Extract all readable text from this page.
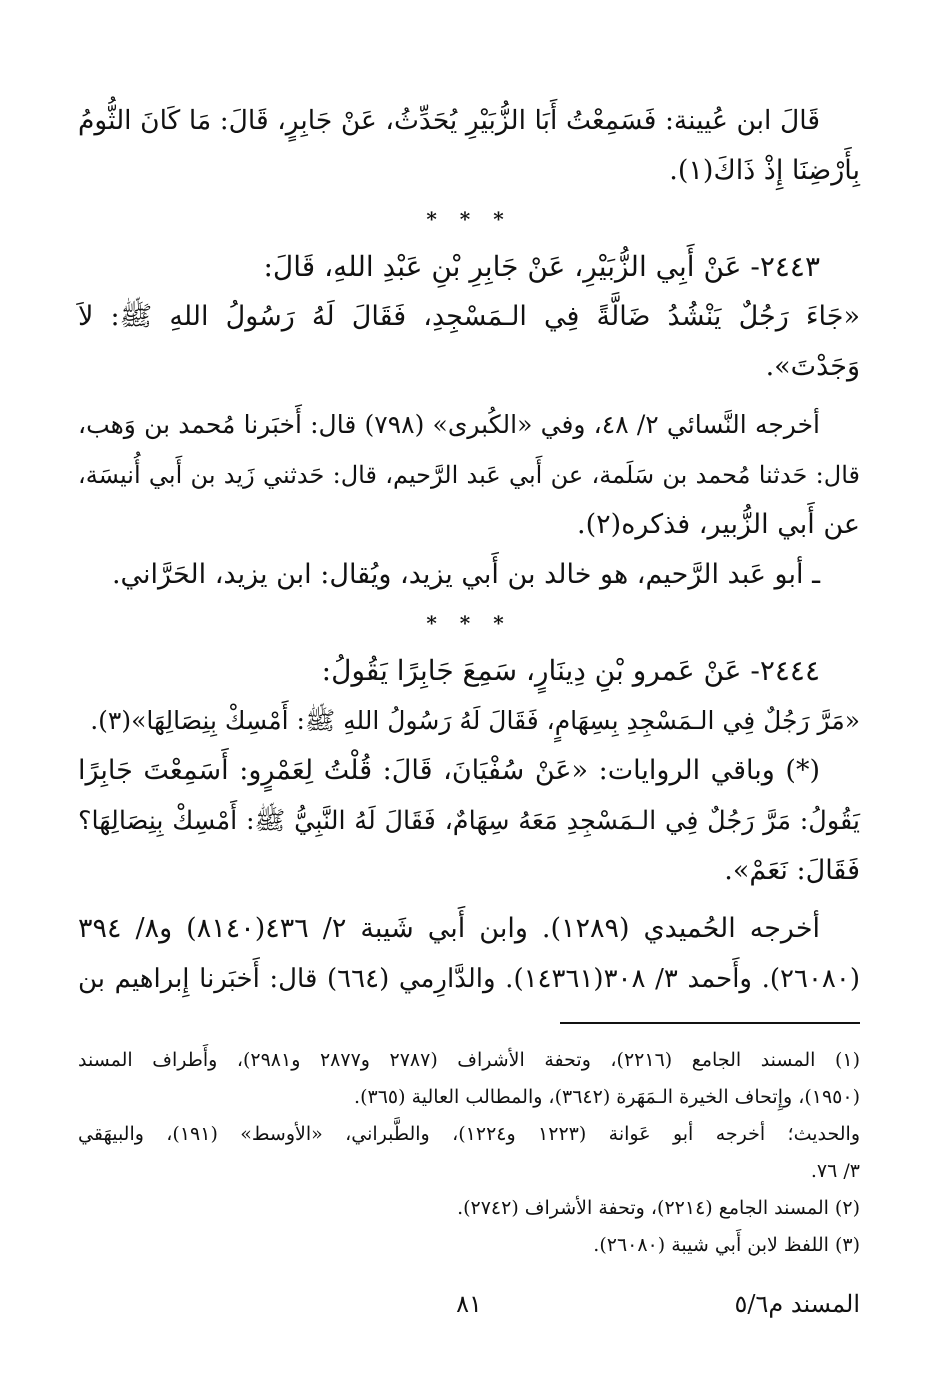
قَالَ ابن عُيينة: فَسَمِعْتُ أَبَا الزُّبَيْرِ يُحَدِّثُ، عَنْ جَابِرٍ، قَالَ: مَا كَانَ الثُّومُ
بِأَرْضِنَا إِذْ ذَاكَ(١).
* * *
٢٤٤٣- عَنْ أَبِي الزُّبَيْرِ، عَنْ جَابِرِ بْنِ عَبْدِ اللهِ، قَالَ:
«جَاءَ رَجُلٌ يَنْشُدُ ضَالَّةً فِي الـمَسْجِدِ، فَقَالَ لَهُ رَسُولُ اللهِ ﷺ: لاَ
وَجَدْتَ».
أخرجه النَّسائي ٢/ ٤٨، وفي «الكُبرى» (٧٩٨) قال: أَخبَرنا مُحمد بن وَهب،
قال: حَدثنا مُحمد بن سَلَمة، عن أَبي عَبد الرَّحيم، قال: حَدثني زَيد بن أَبي أُنيسَة،
عن أَبي الزُّبير، فذكره(٢).
ـ أبو عَبد الرَّحيم، هو خالد بن أَبي يزيد، ويُقال: ابن يزيد، الحَرَّاني.
* * *
٢٤٤٤- عَنْ عَمرو بْنِ دِينَارٍ، سَمِعَ جَابِرًا يَقُولُ:
«مَرَّ رَجُلٌ فِي الـمَسْجِدِ بِسِهَامٍ، فَقَالَ لَهُ رَسُولُ اللهِ ﷺ: أَمْسِكْ بِنِصَالِهَا»(٣).
(*) وباقي الروايات: «عَنْ سُفْيَانَ، قَالَ: قُلْتُ لِعَمْرٍو: أَسَمِعْتَ جَابِرًا
يَقُولُ: مَرَّ رَجُلٌ فِي الـمَسْجِدِ مَعَهُ سِهَامٌ، فَقَالَ لَهُ النَّبِيُّ ﷺ: أَمْسِكْ بِنِصَالِهَا؟
فَقَالَ: نَعَمْ».
أخرجه الحُميدي (١٢٨٩). وابن أَبي شَيبة ٢/ ٤٣٦(٨١٤٠) و٨/ ٣٩٤
(٢٦٠٨٠). وأَحمد ٣/ ٣٠٨(١٤٣٦١). والدَّارِمي (٦٦٤) قال: أَخبَرنا إِبراهيم بن
(١) المسند الجامع (٢٢١٦)، وتحفة الأشراف (٢٧٨٧ و٢٨٧٧ و٢٩٨١)، وأَطراف المسند
(١٩٥٠)، وإِتحاف الخيرة الـمَهَرة (٣٦٤٢)، والمطالب العالية (٣٦٥).
والحديث؛ أخرجه أبو عَوانة (١٢٢٣ و١٢٢٤)، والطَّبراني، «الأوسط» (١٩١)، والبيهَقي
٣/ ٧٦.
(٢) المسند الجامع (٢٢١٤)، وتحفة الأشراف (٢٧٤٢).
(٣) اللفظ لابن أَبي شيبة (٢٦٠٨٠).
المسند م٥/٦
٨١
